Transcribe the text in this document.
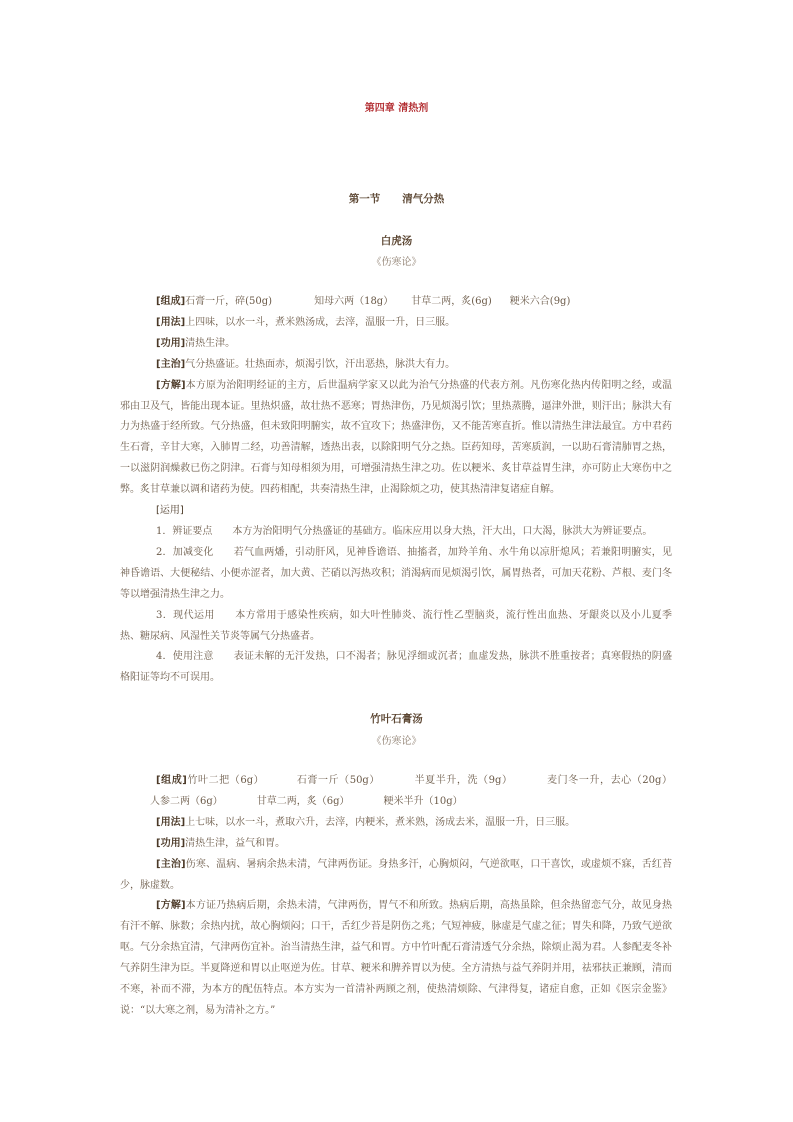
第四章 清热剂
第一节 清气分热
白虎汤
《伤寒论》

[组成]石膏一斤，碎(50g)	知母六两（18g） 甘草二两，炙(6g) 粳米六合(9g)

[用法]上四味，以水一斗，煮米熟汤成，去滓，温服一升，日三服。

[功用]清热生津。

[主治]气分热盛证。壮热面赤，烦渴引饮，汗出恶热，脉洪大有力。

[方解]本方原为治阳明经证的主方，后世温病学家又以此为治气分热盛的代表方剂。凡伤寒化热内传阳明之经，或温邪由卫及气，皆能出现本证。里热炽盛，故壮热不恶寒；胃热津伤，乃见烦渴引饮；里热蒸腾，逼津外泄，则汗出；脉洪大有力为热盛于经所致。气分热盛，但未致阳明腑实，故不宜攻下；热盛津伤，又不能苦寒直折。惟以清热生津法最宜。方中君药生石膏，辛甘大寒，入肺胃二经，功善清解，透热出表，以除阳明气分之热。臣药知母，苦寒质润，一以助石膏清肺胃之热，一以滋阴润燥救已伤之阴津。石膏与知母相须为用，可增强清热生津之功。佐以粳米、炙甘草益胃生津，亦可防止大寒伤中之弊。炙甘草兼以调和诸药为使。四药相配，共奏清热生津，止渴除烦之功，使其热清津复诸症自解。

[运用]

1．辨证要点 本方为治阳明气分热盛证的基础方。临床应用以身大热，汗大出，口大渴，脉洪大为辨证要点。

2．加减变化 若气血两燔，引动肝风，见神昏谵语、抽搐者，加羚羊角、水牛角以凉肝熄风；若兼阳明腑实，见神昏谵语、大便秘结、小便赤涩者，加大黄、芒硝以泻热攻积；消渴病而见烦渴引饮，属胃热者，可加天花粉、芦根、麦门冬等以增强清热生津之力。

3．现代运用 本方常用于感染性疾病，如大叶性肺炎、流行性乙型脑炎，流行性出血热、牙龈炎以及小儿夏季热、糖尿病、风湿性关节炎等属气分热盛者。

4．使用注意 表证未解的无汗发热，口不渴者；脉见浮细或沉者；血虚发热，脉洪不胜重按者；真寒假热的阴盛格阳证等均不可误用。

竹叶石膏汤
《伤寒论》

[组成]竹叶二把（6g）	石膏一斤（50g）	半夏半升，洗（9g）	麦门冬一升，去心（20g）人参二两（6g）	甘草二两，炙（6g）	粳米半升（10g）

[用法]上七味，以水一斗，煮取六升，去滓，内粳米，煮米熟，汤成去米，温服一升，日三服。

[功用]清热生津，益气和胃。

[主治]伤寒、温病、暑病余热未清，气津两伤证。身热多汗，心胸烦闷，气逆欲呕，口干喜饮，或虚烦不寐，舌红苔少，脉虚数。

[方解]本方证乃热病后期，余热未清，气津两伤，胃气不和所致。热病后期，高热虽除，但余热留恋气分，故见身热有汗不解、脉数；余热内扰，故心胸烦闷；口干，舌红少苔是阴伤之兆；气短神疲，脉虚是气虚之征；胃失和降，乃致气逆欲呕。气分余热宜清，气津两伤宜补。治当清热生津，益气和胃。方中竹叶配石膏清透气分余热，除烦止渴为君。人参配麦冬补气养阴生津为臣。半夏降逆和胃以止呕逆为佐。甘草、粳米和脾养胃以为使。全方清热与益气养阴并用，祛邪扶正兼顾，清而不寒，补而不滞，为本方的配伍特点。本方实为一首清补两顾之剂，使热清烦除、气津得复，诸症自愈，正如《医宗金鉴》说：“以大寒之剂，易为清补之方。”
